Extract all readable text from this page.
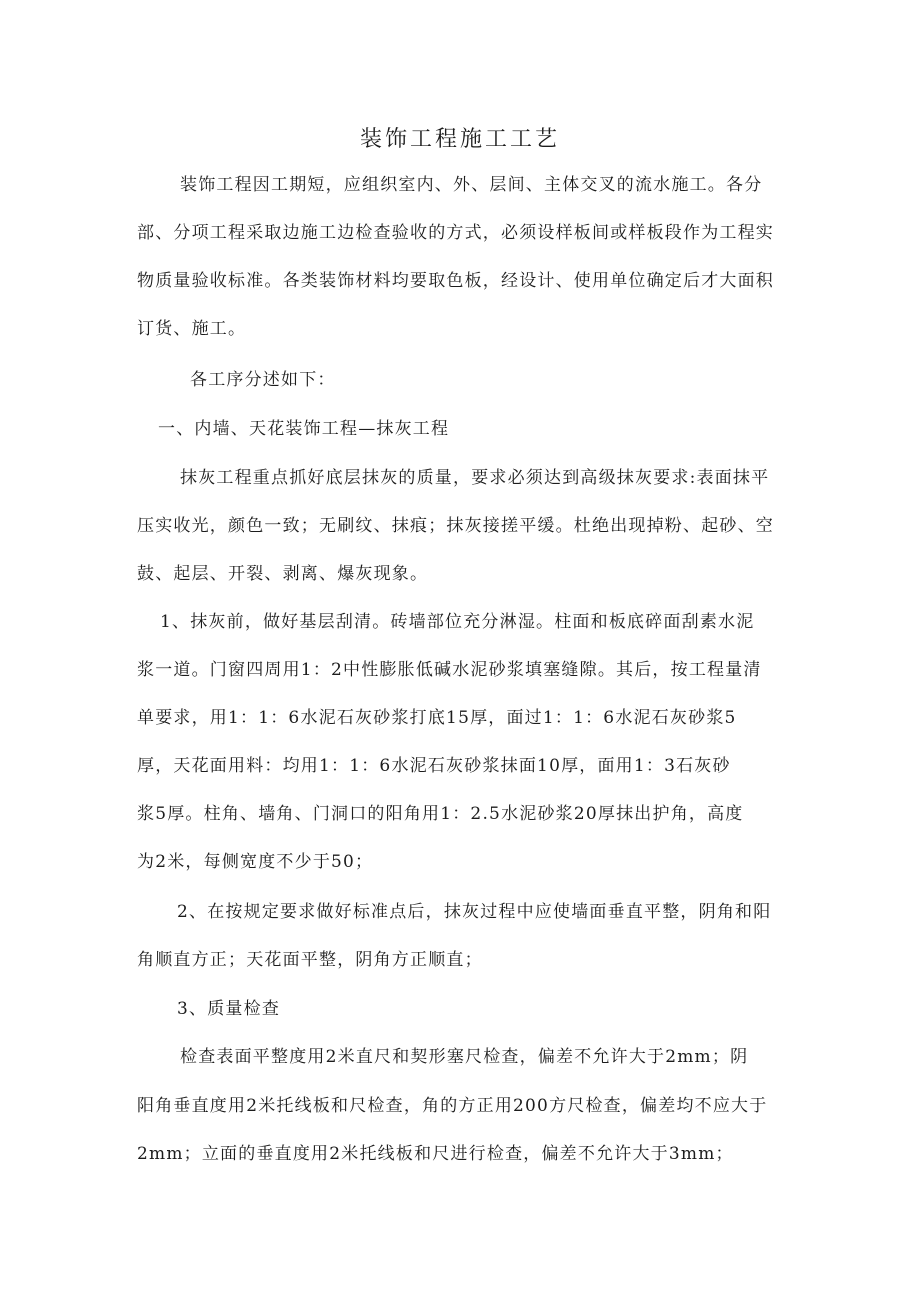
装饰工程施工工艺
装饰工程因工期短，应组织室内、外、层间、主体交叉的流水施工。各分
部、分项工程采取边施工边检查验收的方式，必须设样板间或样板段作为工程实
物质量验收标准。各类装饰材料均要取色板，经设计、使用单位确定后才大面积
订货、施工。
各工序分述如下：
一、内墙、天花装饰工程—抹灰工程
抹灰工程重点抓好底层抹灰的质量，要求必须达到高级抹灰要求:表面抹平
压实收光，颜色一致；无刷纹、抹痕；抹灰接搓平缓。杜绝出现掉粉、起砂、空
鼓、起层、开裂、剥离、爆灰现象。
1、抹灰前，做好基层刮清。砖墙部位充分淋湿。柱面和板底碎面刮素水泥
浆一道。门窗四周用1：2中性膨胀低碱水泥砂浆填塞缝隙。其后，按工程量清
单要求，用1：1：6水泥石灰砂浆打底15厚，面过1：1：6水泥石灰砂浆5
厚，天花面用料：均用1：1：6水泥石灰砂浆抹面10厚，面用1：3石灰砂
浆5厚。柱角、墙角、门洞口的阳角用1：2.5水泥砂浆20厚抹出护角，高度
为2米，每侧宽度不少于50；
2、在按规定要求做好标准点后，抹灰过程中应使墙面垂直平整，阴角和阳
角顺直方正；天花面平整，阴角方正顺直；
3、质量检查
检查表面平整度用2米直尺和契形塞尺检查，偏差不允许大于2mm；阴
阳角垂直度用2米托线板和尺检查，角的方正用200方尺检查，偏差均不应大于
2mm；立面的垂直度用2米托线板和尺进行检查，偏差不允许大于3mm；
